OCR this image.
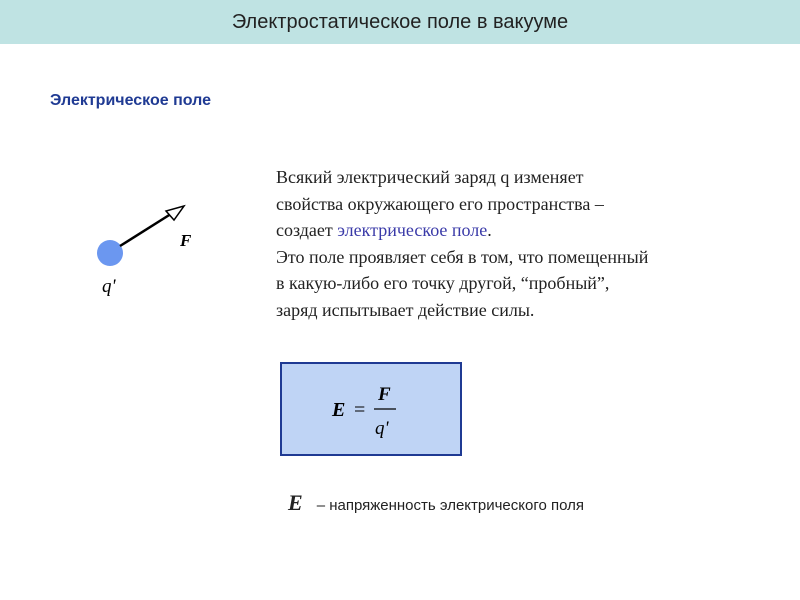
Электростатическое поле в вакууме
Электрическое поле
F
q'
Всякий электрический заряд q изменяет
свойства окружающего его пространства –
создает электрическое поле.
Это поле проявляет себя в том, что помещенный
в какую-либо его точку другой, “пробный”,
заряд испытывает действие силы.
E =
F
q'
E – напряженность электрического поля
